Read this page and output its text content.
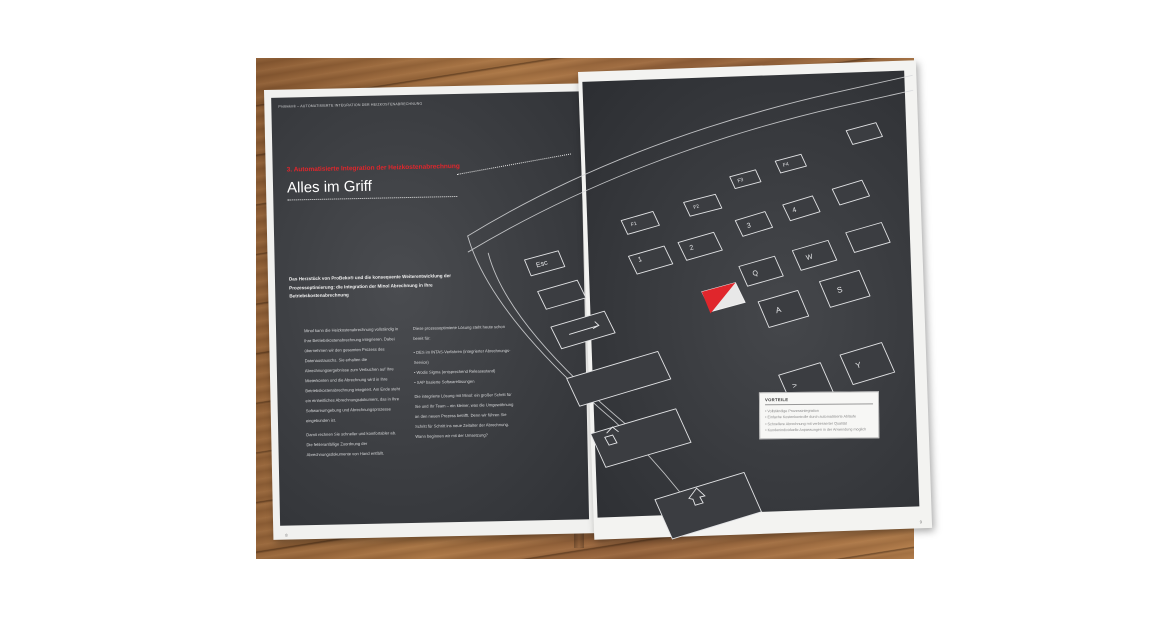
ProBeko® – AUTOMATISIERTE INTEGRATION DER HEIZKOSTENABRECHNUNG
3. Automatisierte Integration der Heizkostenabrechnung
Alles im Griff
Das Herzstück von ProBeko® und die konsequente Weiterentwicklung der Prozessoptimierung: die Integration der Minol Abrechnung in Ihre Betriebskostenabrechnung

Minol kann die Heizkostenabrechnung vollständig in Ihre Betriebskostenabrechnung integrieren. Dabei übernehmen wir den gesamten Prozess des Datenaustauschs. Sie erhalten die Abrechnungsergebnisse zum Verbuchen auf Ihre Mieterkonten und die Abrechnung wird in Ihre Betriebskostenabrechnung integriert. Am Ende steht ein einheitliches Abrechnungsdokument, das in Ihre Softwareumgebung und Abrechnungsprozesse eingebunden ist.

Damit rechnen Sie schneller und komfortabler ab. Die fehleranfällige Zuordnung der Abrechnungsdokumente von Hand entfällt.

Diese prozessoptimierte Lösung steht heute schon bereit für:

• DES im INTAS-Verfahren (integrierter Abrechnungs-Service)
• Wodis Sigma (entsprechend Releasestand)
• SAP basierte Softwarelösungen

Die integrierte Lösung mit Minol: ein großer Schritt für Sie und Ihr Team – ein kleiner, was die Umgewöhnung an den neuen Prozess betrifft. Denn wir führen Sie Schritt für Schritt ins neue Zeitalter der Abrechnung. Wann beginnen wir mit der Umsetzung?

8
Esc
F1
F2
F3
F4
1
2
3
4
Q
W
A
S
>
Y
VORTEILE
• Vollständige Prozessintegration
• Einfache Kostenkontrolle durch automatisierte Abläufe
• Schnellere Abrechnung mit verbesserter Qualität
• Kundenindividuelle Anpassungen in der Anwendung möglich
9
